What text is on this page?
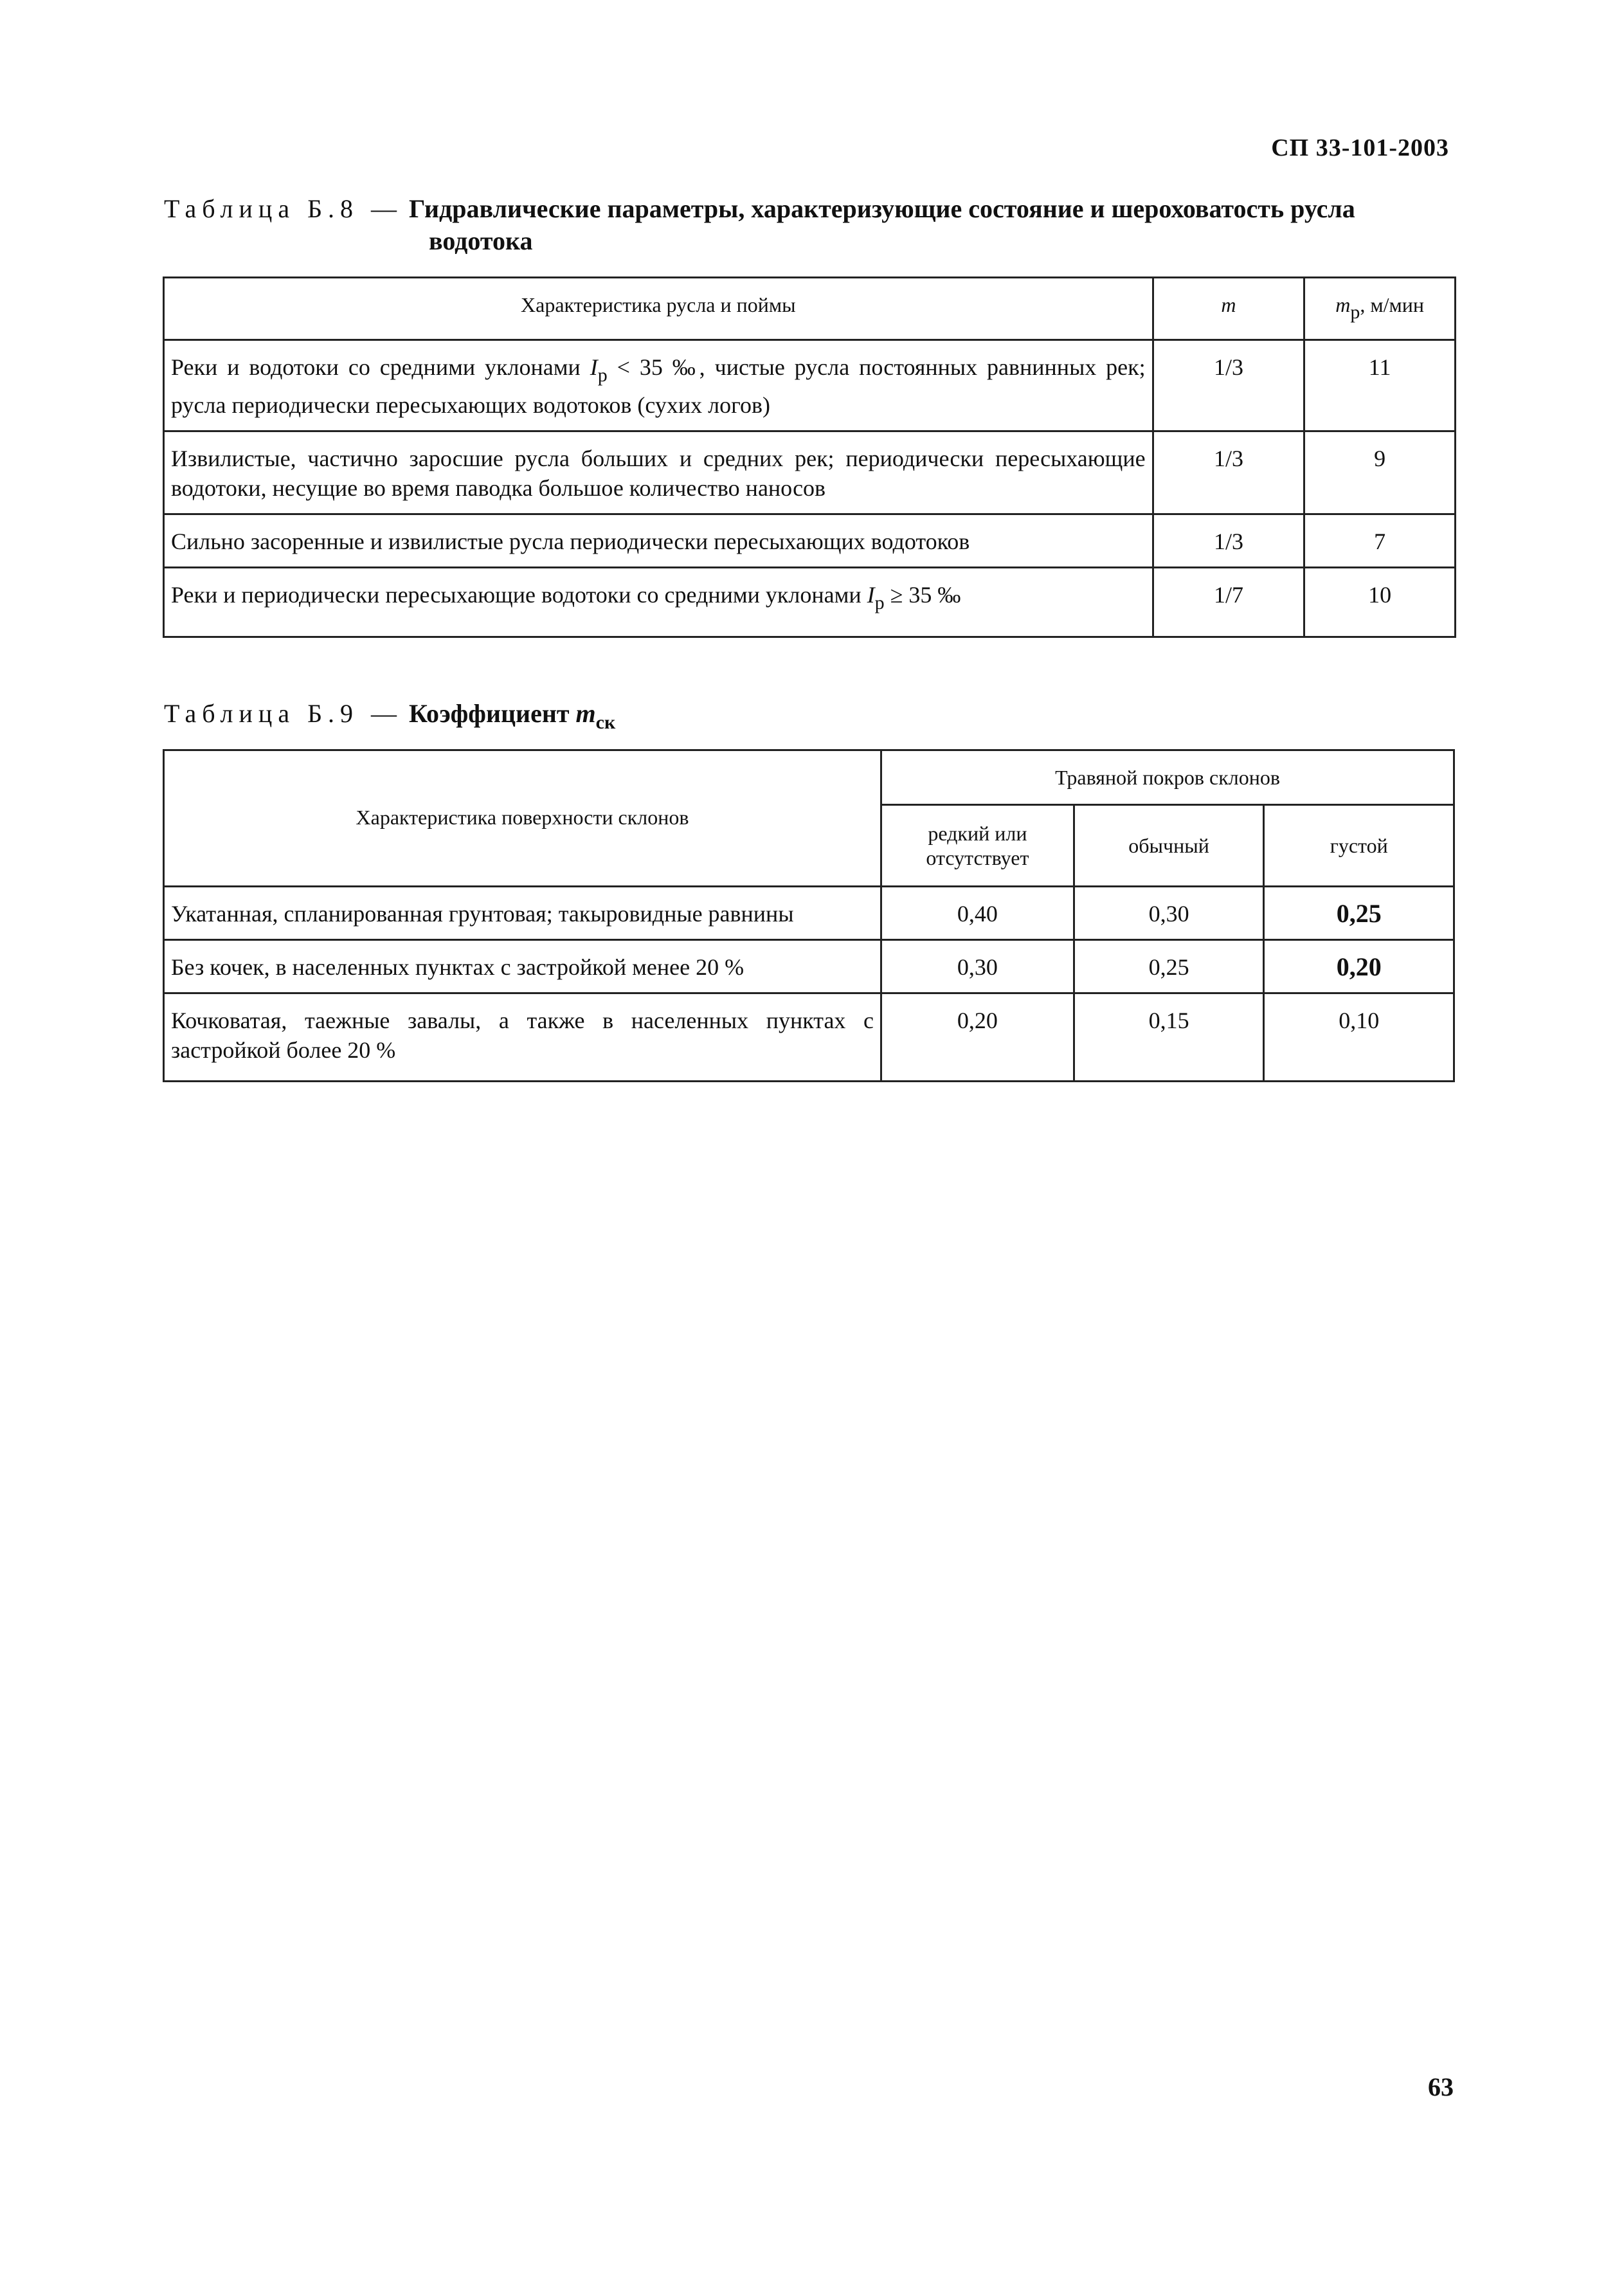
СП 33-101-2003
Таблица Б.8 — Гидравлические параметры, характеризующие состояние и шероховатость русла
водотока
Характеристика русла и поймы	m	mр, м/мин
Реки и водотоки со средними уклонами $I_р < 35$ ‰, чистые русла постоянных равнинных рек; русла периодически пересыхающих водотоков (сухих логов)	1/3	11
Извилистые, частично заросшие русла больших и средних рек; периодически пересыхающие водотоки, несущие во время паводка большое количество наносов	1/3	9
Сильно засоренные и извилистые русла периодически пересыхающих водотоков	1/3	7
Реки и периодически пересыхающие водотоки со средними уклонами $I_р \ge 35$ ‰	1/7	10
Таблица Б.9 — Коэффициент $m_{ск}$
Характеристика поверхности склонов	Травяной покров склонов		
	редкий или отсутствует	обычный	густой
Укатанная, спланированная грунтовая; такыровидные равнины	0,40	0,30	0,25
Без кочек, в населенных пунктах с застройкой менее 20 %	0,30	0,25	0,20
Кочковатая, таежные завалы, а также в населенных пунктах с застройкой более 20 %	0,20	0,15	0,10
63
